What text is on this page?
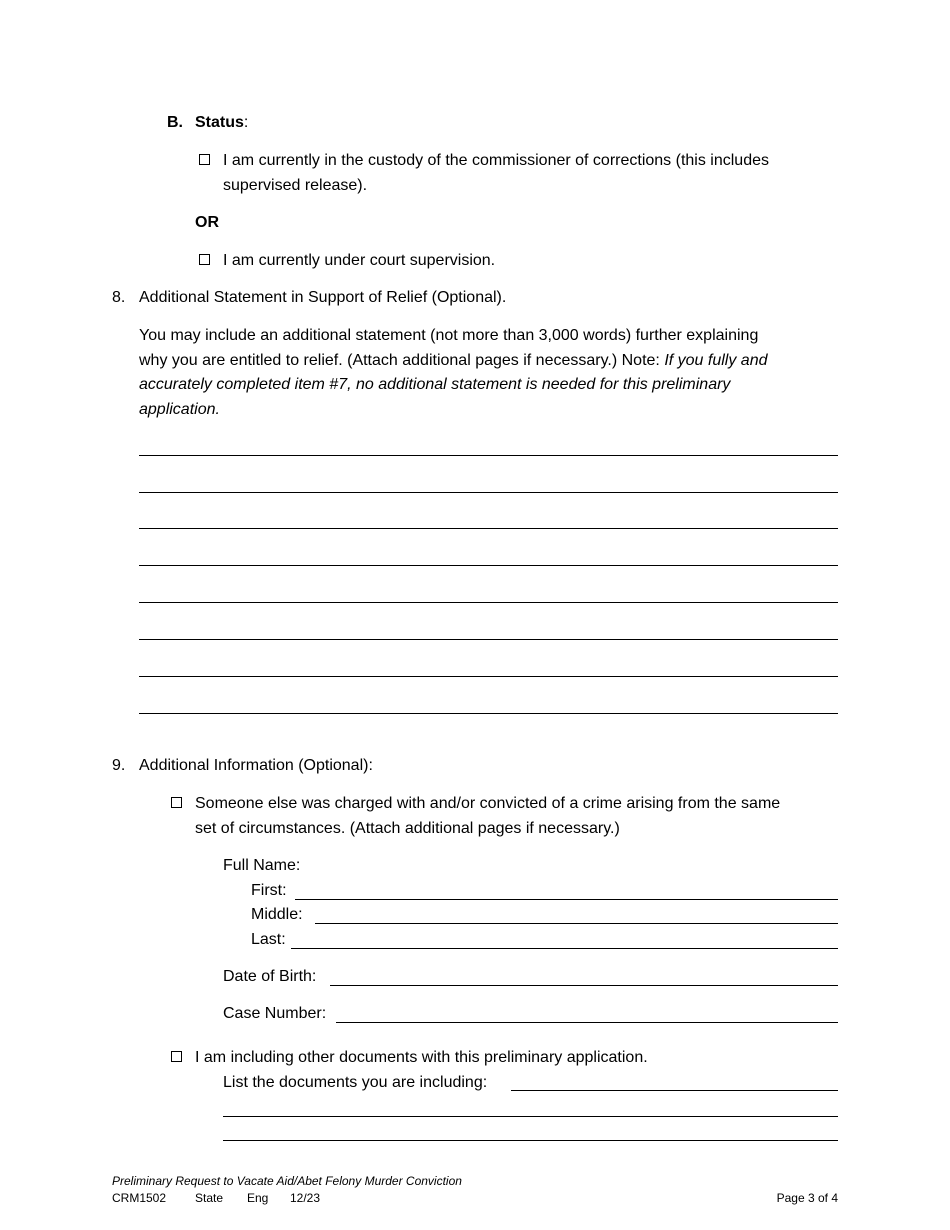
B. Status:
I am currently in the custody of the commissioner of corrections (this includes
supervised release).
OR
I am currently under court supervision.
8. Additional Statement in Support of Relief (Optional).
You may include an additional statement (not more than 3,000 words) further explaining
why you are entitled to relief. (Attach additional pages if necessary.) Note: If you fully and
accurately completed item #7, no additional statement is needed for this preliminary
application.
9. Additional Information (Optional):
Someone else was charged with and/or convicted of a crime arising from the same
set of circumstances. (Attach additional pages if necessary.)
Full Name:
First:
Middle:
Last:
Date of Birth:
Case Number:
I am including other documents with this preliminary application.
List the documents you are including:
Preliminary Request to Vacate Aid/Abet Felony Murder Conviction
CRM1502 State Eng 12/23	Page 3 of 4
